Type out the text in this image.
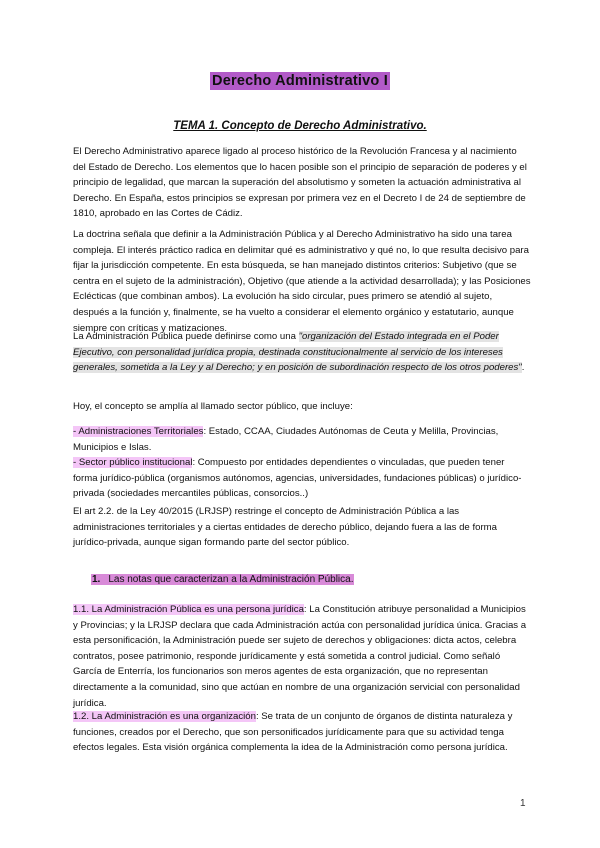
Derecho Administrativo I
TEMA 1. Concepto de Derecho Administrativo.

El Derecho Administrativo aparece ligado al proceso histórico de la Revolución Francesa y al nacimiento del Estado de Derecho. Los elementos que lo hacen posible son el principio de separación de poderes y el principio de legalidad, que marcan la superación del absolutismo y someten la actuación administrativa al Derecho. En España, estos principios se expresan por primera vez en el Decreto I de 24 de septiembre de 1810, aprobado en las Cortes de Cádiz.

La doctrina señala que definir a la Administración Pública y al Derecho Administrativo ha sido una tarea compleja. El interés práctico radica en delimitar qué es administrativo y qué no, lo que resulta decisivo para fijar la jurisdicción competente. En esta búsqueda, se han manejado distintos criterios: Subjetivo (que se centra en el sujeto de la administración), Objetivo (que atiende a la actividad desarrollada); y las Posiciones Eclécticas (que combinan ambos). La evolución ha sido circular, pues primero se atendió al sujeto, después a la función y, finalmente, se ha vuelto a considerar el elemento orgánico y estatutario, aunque siempre con críticas y matizaciones.

La Administración Pública puede definirse como una "organización del Estado integrada en el Poder Ejecutivo, con personalidad jurídica propia, destinada constitucionalmente al servicio de los intereses generales, sometida a la Ley y al Derecho; y en posición de subordinación respecto de los otros poderes".

Hoy, el concepto se amplía al llamado sector público, que incluye:

- Administraciones Territoriales: Estado, CCAA, Ciudades Autónomas de Ceuta y Melilla, Provincias, Municipios e Islas.

- Sector público institucional: Compuesto por entidades dependientes o vinculadas, que pueden tener forma jurídico-pública (organismos autónomos, agencias, universidades, fundaciones públicas) o jurídico-privada (sociedades mercantiles públicas, consorcios..)

El art 2.2. de la Ley 40/2015 (LRJSP) restringe el concepto de Administración Pública a las administraciones territoriales y a ciertas entidades de derecho público, dejando fuera a las de forma jurídico-privada, aunque sigan formando parte del sector público.

1. Las notas que caracterizan a la Administración Pública.

1.1. La Administración Pública es una persona jurídica: La Constitución atribuye personalidad a Municipios y Provincias; y la LRJSP declara que cada Administración actúa con personalidad jurídica única. Gracias a esta personificación, la Administración puede ser sujeto de derechos y obligaciones: dicta actos, celebra contratos, posee patrimonio, responde jurídicamente y está sometida a control judicial. Como señaló García de Enterría, los funcionarios son meros agentes de esta organización, que no representan directamente a la comunidad, sino que actúan en nombre de una organización servicial con personalidad jurídica.

1.2. La Administración es una organización: Se trata de un conjunto de órganos de distinta naturaleza y funciones, creados por el Derecho, que son personificados jurídicamente para que su actividad tenga efectos legales. Esta visión orgánica complementa la idea de la Administración como persona jurídica.

1
